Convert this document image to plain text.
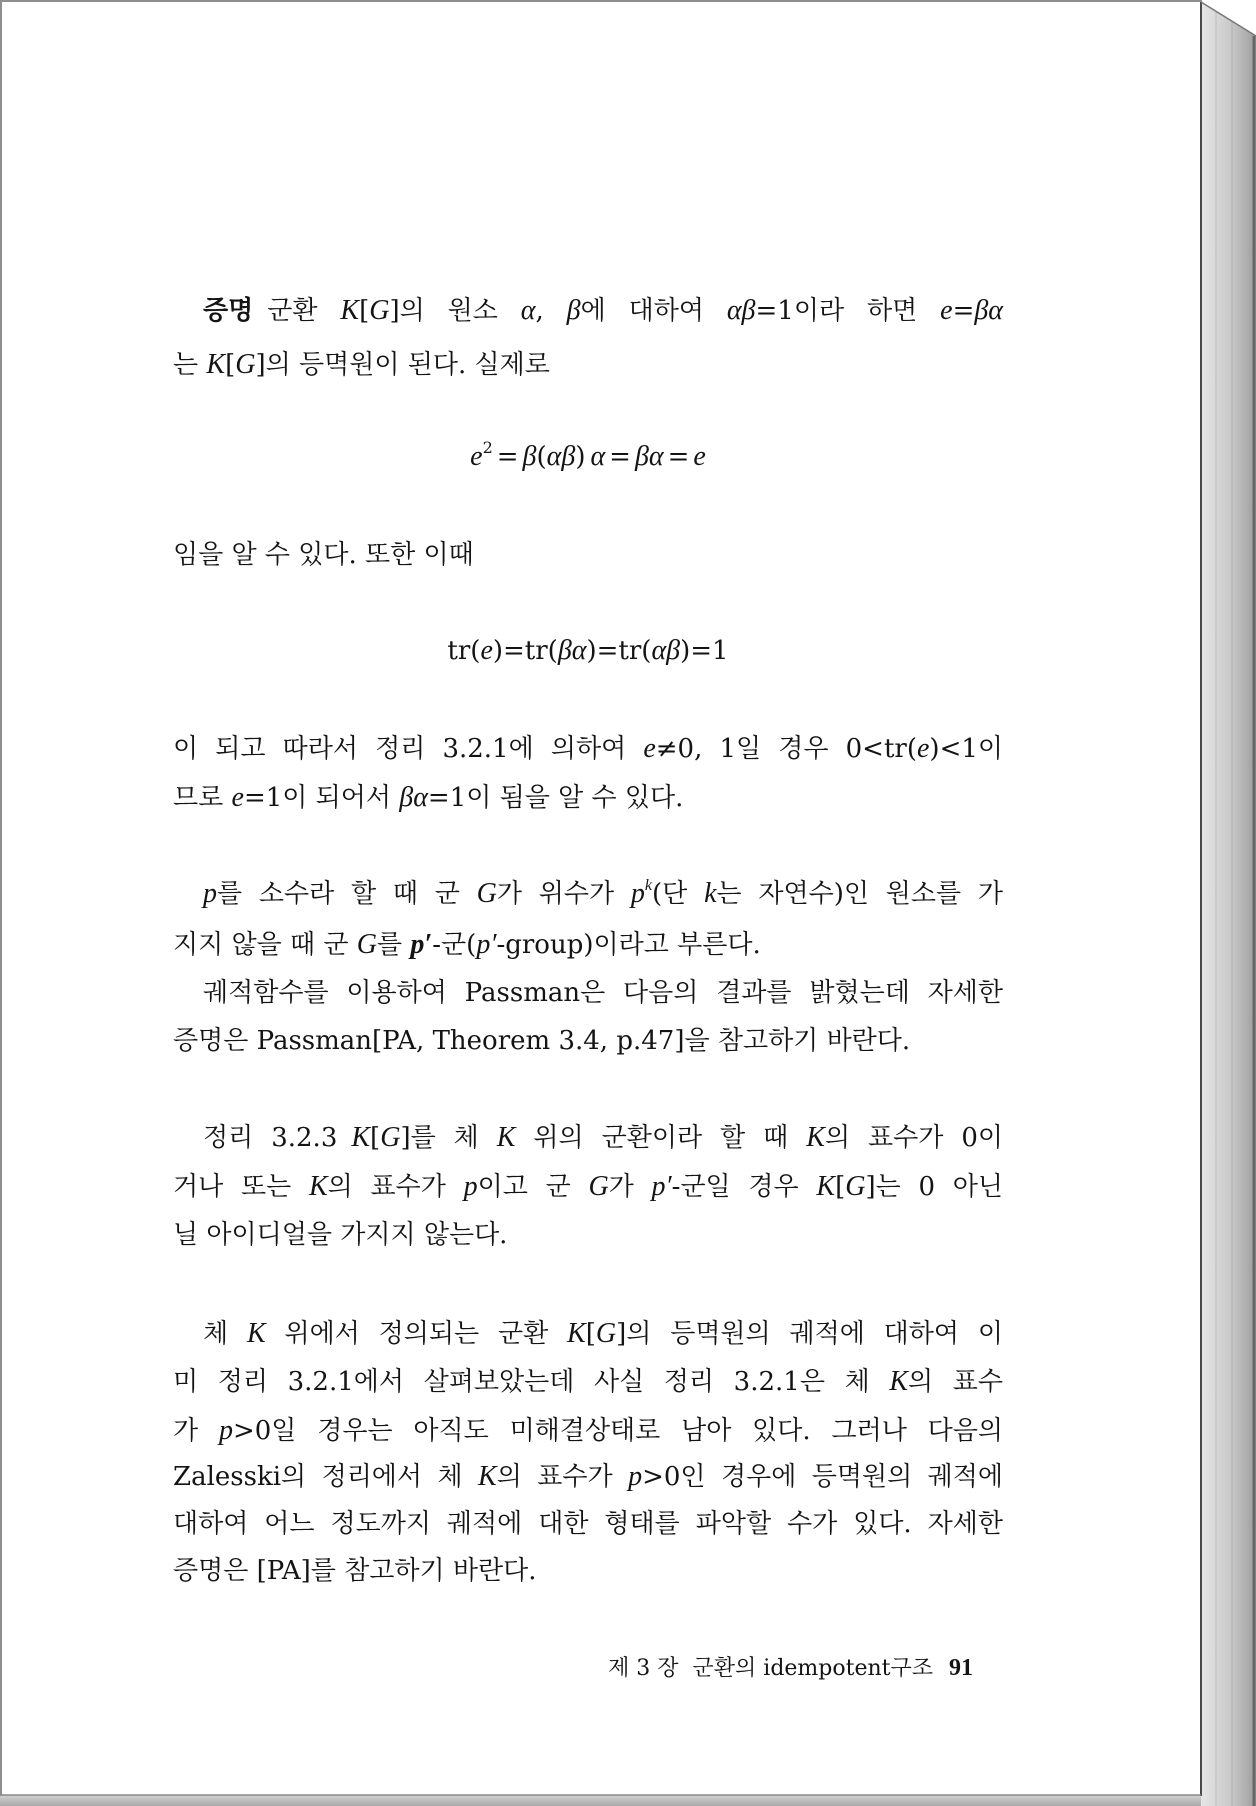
증명 군환 K[G]의 원소 α, β에 대하여 αβ=1이라 하면 e=βα
는 K[G]의 등멱원이 된다. 실제로
$e^2 = \beta(\alpha\beta) \alpha = \beta\alpha = e$
임을 알 수 있다. 또한 이때
tr(e)=tr(βα)=tr(αβ)=1
이 되고 따라서 정리 3.2.1에 의하여 e≠0, 1일 경우 0<tr(e)<1이
므로 e=1이 되어서 βα=1이 됨을 알 수 있다.
p를 소수라 할 때 군 G가 위수가 $p^k$(단 k는 자연수)인 원소를 가
지지 않을 때 군 G를 p′-군(p′-group)이라고 부른다.
궤적함수를 이용하여 Passman은 다음의 결과를 밝혔는데 자세한
증명은 Passman[PA, Theorem 3.4, p.47]을 참고하기 바란다.
정리 3.2.3 K[G]를 체 K 위의 군환이라 할 때 K의 표수가 0이
거나 또는 K의 표수가 p이고 군 G가 p′-군일 경우 K[G]는 0 아닌
닐 아이디얼을 가지지 않는다.
체 K 위에서 정의되는 군환 K[G]의 등멱원의 궤적에 대하여 이
미 정리 3.2.1에서 살펴보았는데 사실 정리 3.2.1은 체 K의 표수
가 p>0일 경우는 아직도 미해결상태로 남아 있다. 그러나 다음의
Zalesski의 정리에서 체 K의 표수가 p>0인 경우에 등멱원의 궤적에
대하여 어느 정도까지 궤적에 대한 형태를 파악할 수가 있다. 자세한
증명은 [PA]를 참고하기 바란다.

제 3 장  군환의 idempotent구조 91
